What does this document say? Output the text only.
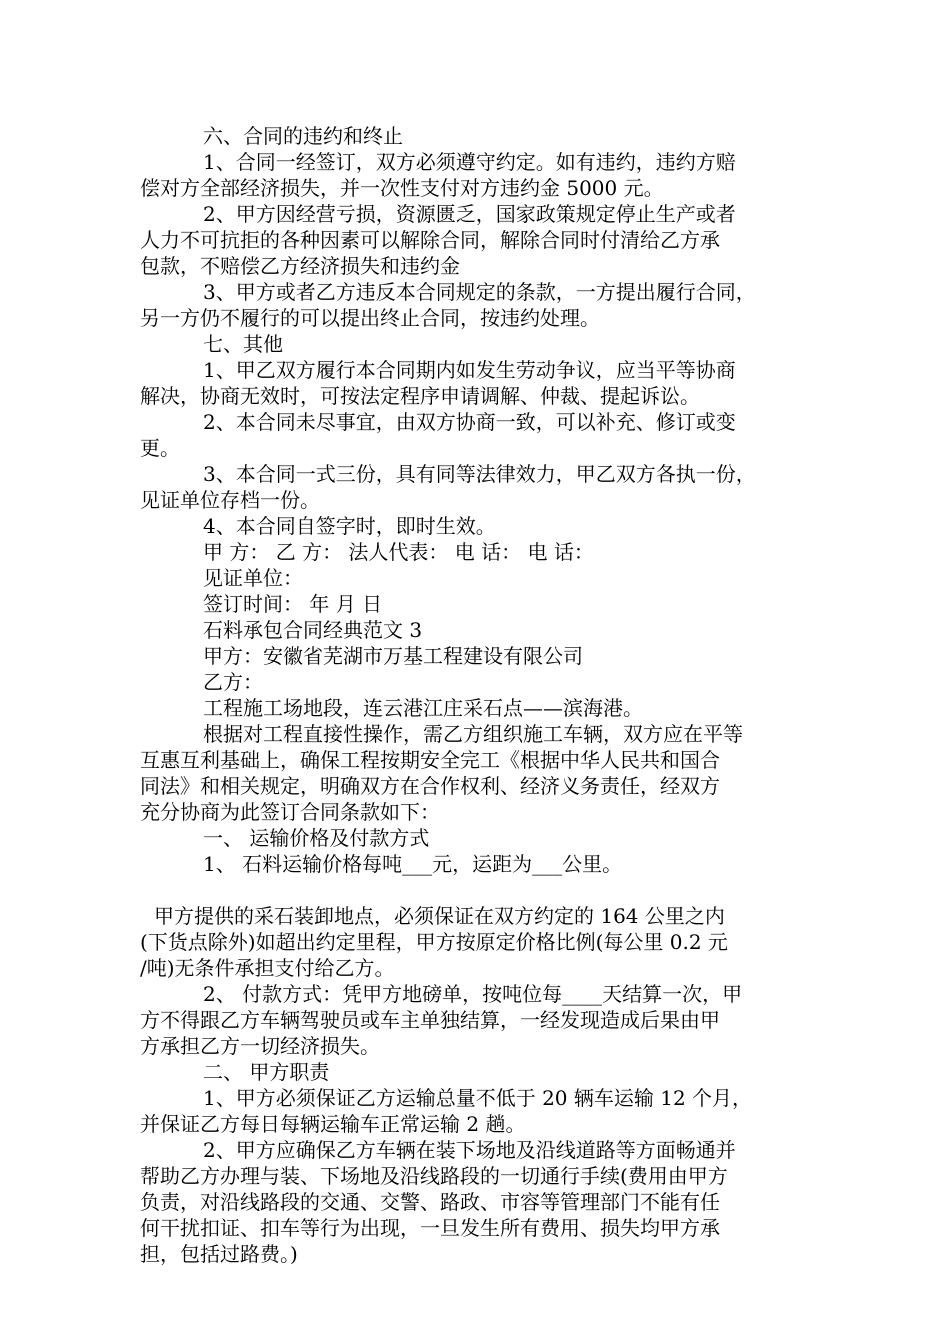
六、合同的违约和终止
1、合同一经签订，双方必须遵守约定。如有违约，违约方赔
偿对方全部经济损失，并一次性支付对方违约金 5000 元。
2、甲方因经营亏损，资源匮乏，国家政策规定停止生产或者
人力不可抗拒的各种因素可以解除合同，解除合同时付清给乙方承
包款，不赔偿乙方经济损失和违约金
3、甲方或者乙方违反本合同规定的条款，一方提出履行合同，
另一方仍不履行的可以提出终止合同，按违约处理。
七、其他
1、甲乙双方履行本合同期内如发生劳动争议，应当平等协商
解决，协商无效时，可按法定程序申请调解、仲裁、提起诉讼。
2、本合同未尽事宜，由双方协商一致，可以补充、修订或变
更。
3、本合同一式三份，具有同等法律效力，甲乙双方各执一份，
见证单位存档一份。
4、本合同自签字时，即时生效。
甲 方： 乙 方： 法人代表： 电 话： 电 话：
见证单位：
签订时间： 年 月 日
石料承包合同经典范文 3
甲方：安徽省芜湖市万基工程建设有限公司
乙方：
工程施工场地段，连云港江庄采石点——滨海港。
根据对工程直接性操作，需乙方组织施工车辆，双方应在平等
互惠互利基础上，确保工程按期安全完工《根据中华人民共和国合
同法》和相关规定，明确双方在合作权利、经济义务责任，经双方
充分协商为此签订合同条款如下：
一、 运输价格及付款方式
1、 石料运输价格每吨___元，运距为___公里。
甲方提供的采石装卸地点，必须保证在双方约定的 164 公里之内
(下货点除外)如超出约定里程，甲方按原定价格比例(每公里 0.2 元
/吨)无条件承担支付给乙方。
2、 付款方式：凭甲方地磅单，按吨位每____天结算一次，甲
方不得跟乙方车辆驾驶员或车主单独结算，一经发现造成后果由甲
方承担乙方一切经济损失。
二、 甲方职责
1、甲方必须保证乙方运输总量不低于 20 辆车运输 12 个月，
并保证乙方每日每辆运输车正常运输 2 趟。
2、甲方应确保乙方车辆在装下场地及沿线道路等方面畅通并
帮助乙方办理与装、下场地及沿线路段的一切通行手续(费用由甲方
负责，对沿线路段的交通、交警、路政、市容等管理部门不能有任
何干扰扣证、扣车等行为出现，一旦发生所有费用、损失均甲方承
担，包括过路费。)
